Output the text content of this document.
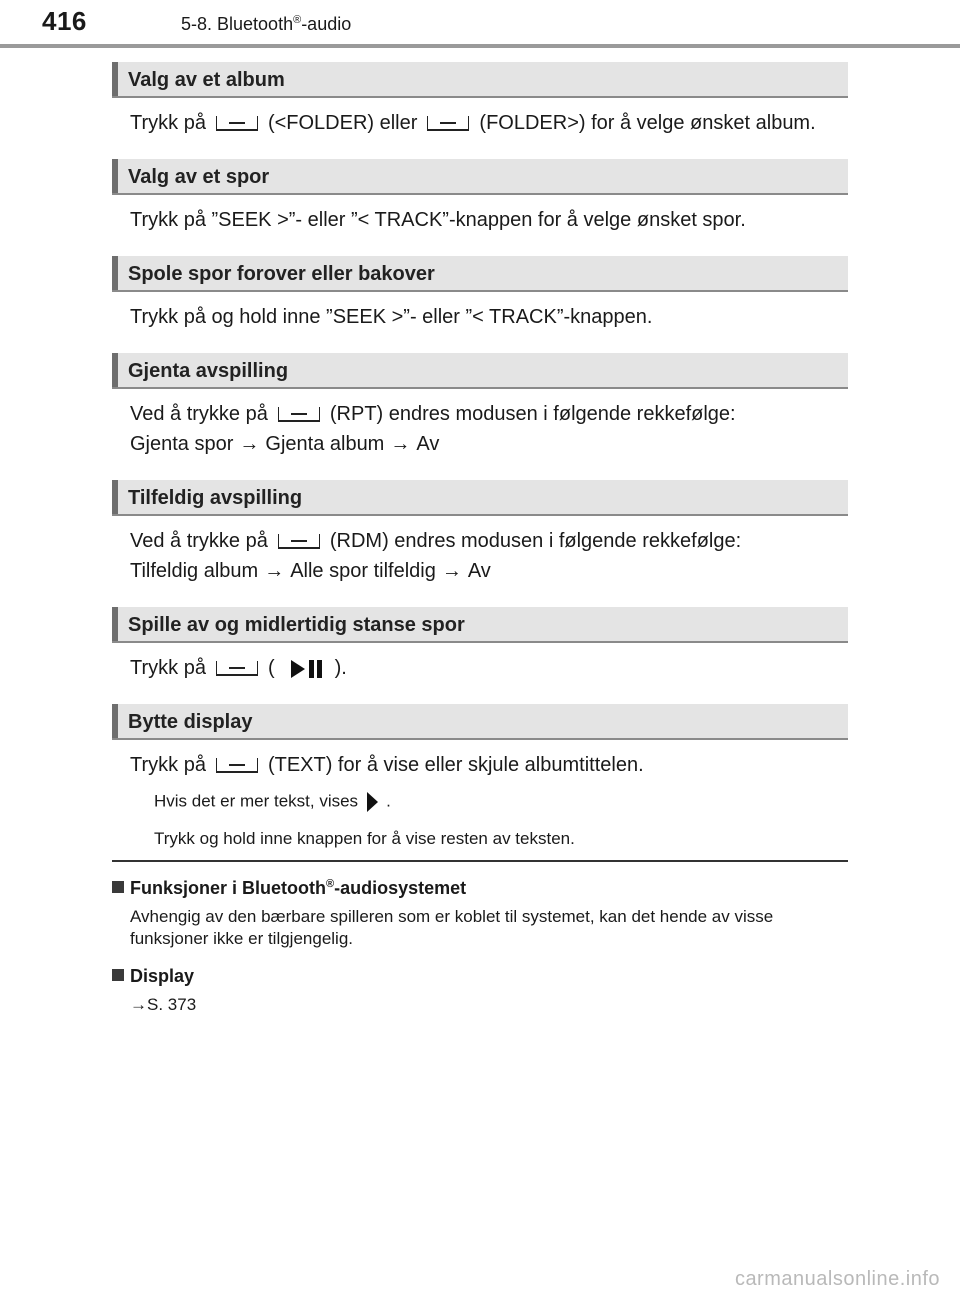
416	5-8. Bluetooth®-audio
Valg av et album

Trykk på	(<FOLDER) eller	(FOLDER>) for å velge ønsket album.

Valg av et spor

Trykk på ”SEEK >”- eller ”< TRACK”-knappen for å velge ønsket spor.

Spole spor forover eller bakover

Trykk på og hold inne ”SEEK >”- eller ”< TRACK”-knappen.

Gjenta avspilling

Ved å trykke på	(RPT) endres modusen i følgende rekkefølge:
Gjenta spor → Gjenta album → Av

Tilfeldig avspilling

Ved å trykke på	(RDM) endres modusen i følgende rekkefølge:
Tilfeldig album → Alle spor tilfeldig → Av

Spille av og midlertidig stanse spor

Trykk på	(	).

Bytte display

Trykk på	(TEXT) for å vise eller skjule albumtittelen.

Hvis det er mer tekst, vises .

Trykk og hold inne knappen for å vise resten av teksten.

Funksjoner i Bluetooth®-audiosystemet

Avhengig av den bærbare spilleren som er koblet til systemet, kan det hende av visse funksjoner ikke er tilgjengelig.

Display

→S. 373

carmanualsonline.info
